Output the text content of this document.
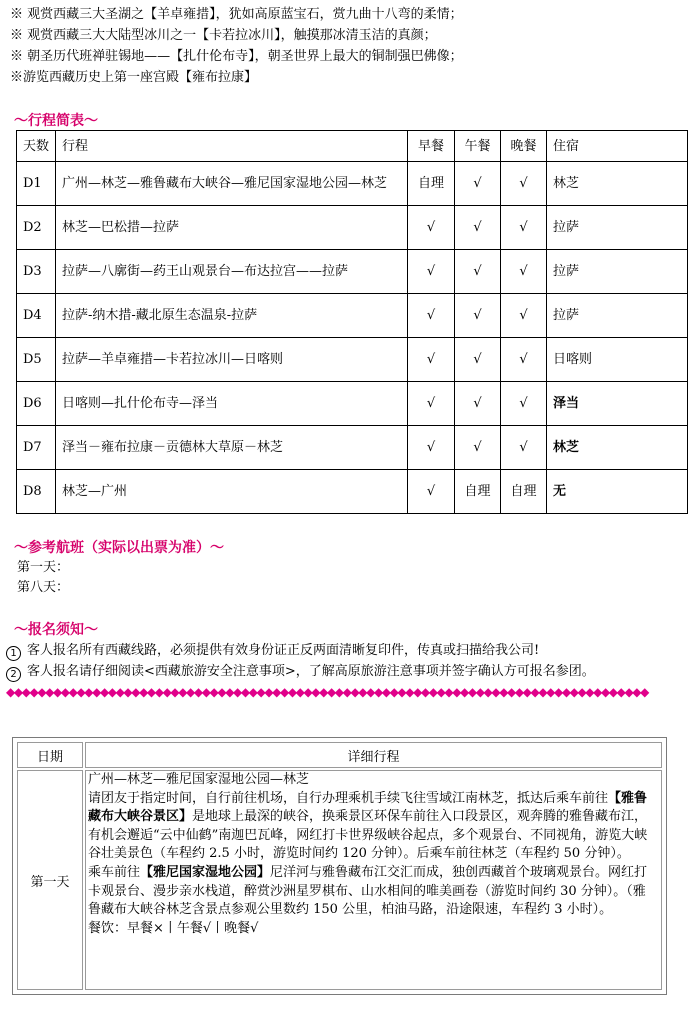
※ 观赏西藏三大圣湖之【羊卓雍措】，犹如高原蓝宝石，赏九曲十八弯的柔情；

※ 观赏西藏三大大陆型冰川之一【卡若拉冰川】，触摸那冰清玉洁的真颜；

※ 朝圣历代班禅驻锡地——【扎什伦布寺】，朝圣世界上最大的铜制强巴佛像；

※游览西藏历史上第一座宫殿【雍布拉康】

～行程简表～
天数	行程	早餐	午餐	晚餐	住宿
D1	广州—林芝—雅鲁藏布大峡谷—雅尼国家湿地公园—林芝	自理	√	√	林芝
D2	林芝—巴松措—拉萨	√	√	√	拉萨
D3	拉萨—八廓街—药王山观景台—布达拉宫——拉萨	√	√	√	拉萨
D4	拉萨-纳木措-藏北原生态温泉-拉萨	√	√	√	拉萨
D5	拉萨—羊卓雍措—卡若拉冰川—日喀则	√	√	√	日喀则
D6	日喀则—扎什伦布寺—泽当	√	√	√	泽当
D7	泽当－雍布拉康－贡德林大草原－林芝	√	√	√	林芝
D8	林芝—广州	√	自理	自理	无
～参考航班（实际以出票为准）～

第一天：

第八天：

～报名须知～

1 客人报名所有西藏线路，必须提供有效身份证正反两面清晰复印件，传真或扫描给我公司!

2 客人报名请仔细阅读<西藏旅游安全注意事项>，了解高原旅游注意事项并签字确认方可报名参团。

◆◆◆◆◆◆◆◆◆◆◆◆◆◆◆◆◆◆◆◆◆◆◆◆◆◆◆◆◆◆◆◆◆◆◆◆◆◆◆◆◆◆◆◆◆◆◆◆◆◆◆◆◆◆◆◆◆◆◆◆◆◆◆◆◆◆◆◆◆◆◆◆◆◆◆◆◆◆◆◆◆◆
日期	详细行程
第一天	广州—林芝—雅尼国家湿地公园—林芝

请团友于指定时间，自行前往机场，自行办理乘机手续飞往雪域江南林芝，抵达后乘车前往【雅鲁藏布大峡谷景区】是地球上最深的峡谷，换乘景区环保车前往入口段景区，观奔腾的雅鲁藏布江，有机会邂逅“云中仙鹤”南迦巴瓦峰，网红打卡世界级峡谷起点，多个观景台、不同视角，游览大峡谷壮美景色（车程约 2.5 小时，游览时间约 120 分钟）。后乘车前往林芝（车程约 50 分钟）。

乘车前往【雅尼国家湿地公园】尼洋河与雅鲁藏布江交汇而成，独创西藏首个玻璃观景台。网红打卡观景台、漫步亲水栈道，醉赏沙洲星罗棋布、山水相间的唯美画卷（游览时间约 30 分钟）。（雅鲁藏布大峡谷林芝含景点参观公里数约 150 公里，柏油马路，沿途限速，车程约 3 小时）。

餐饮：早餐×丨午餐√丨晚餐√
